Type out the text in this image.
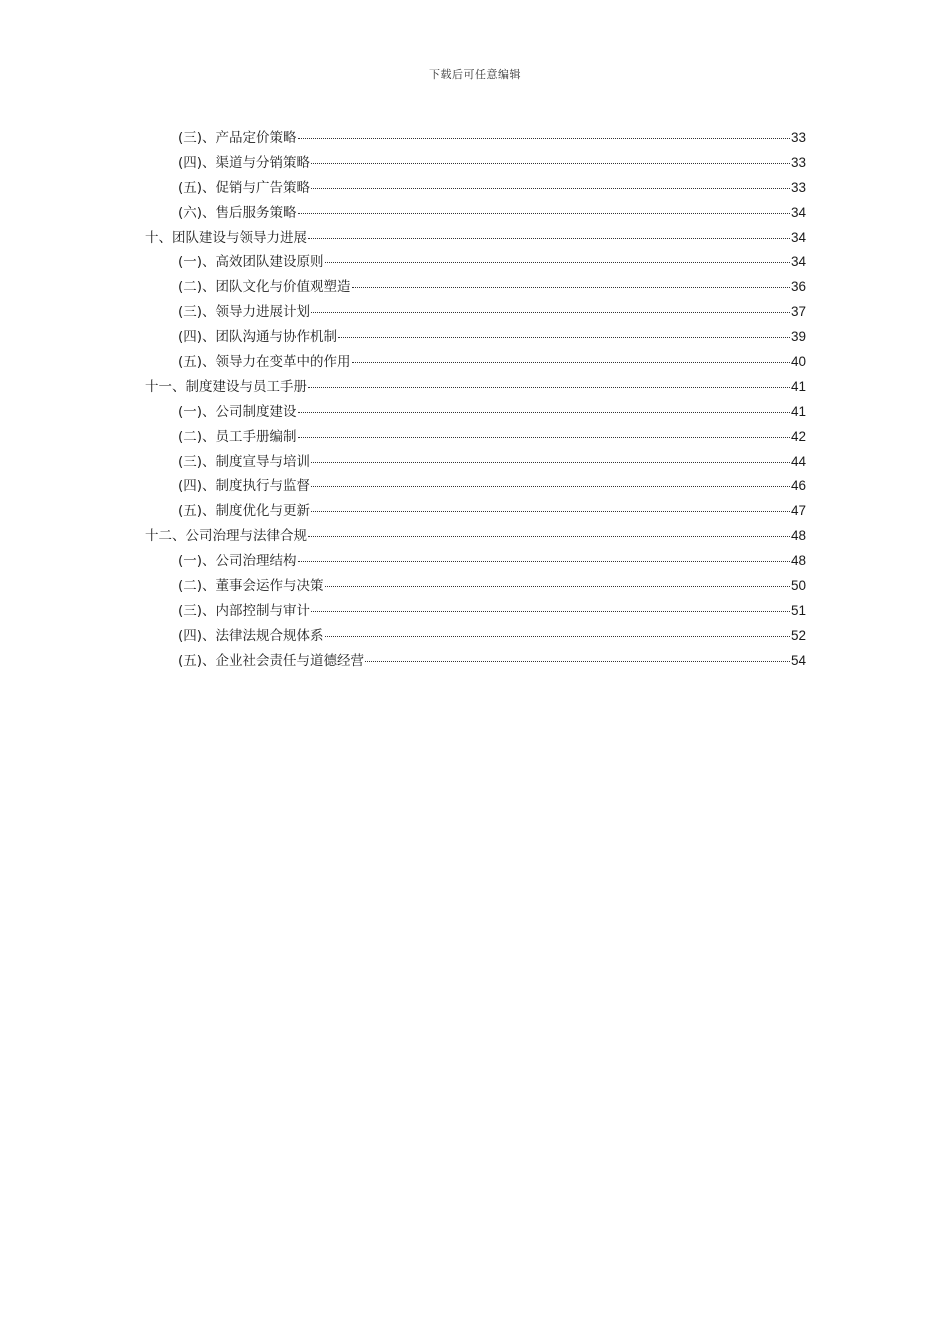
下载后可任意编辑
(三)、产品定价策略	33
(四)、渠道与分销策略	33
(五)、促销与广告策略	33
(六)、售后服务策略	34
十、团队建设与领导力进展	34
(一)、高效团队建设原则	34
(二)、团队文化与价值观塑造	36
(三)、领导力进展计划	37
(四)、团队沟通与协作机制	39
(五)、领导力在变革中的作用	40
十一、制度建设与员工手册	41
(一)、公司制度建设	41
(二)、员工手册编制	42
(三)、制度宣导与培训	44
(四)、制度执行与监督	46
(五)、制度优化与更新	47
十二、公司治理与法律合规	48
(一)、公司治理结构	48
(二)、董事会运作与决策	50
(三)、内部控制与审计	51
(四)、法律法规合规体系	52
(五)、企业社会责任与道德经营	54
